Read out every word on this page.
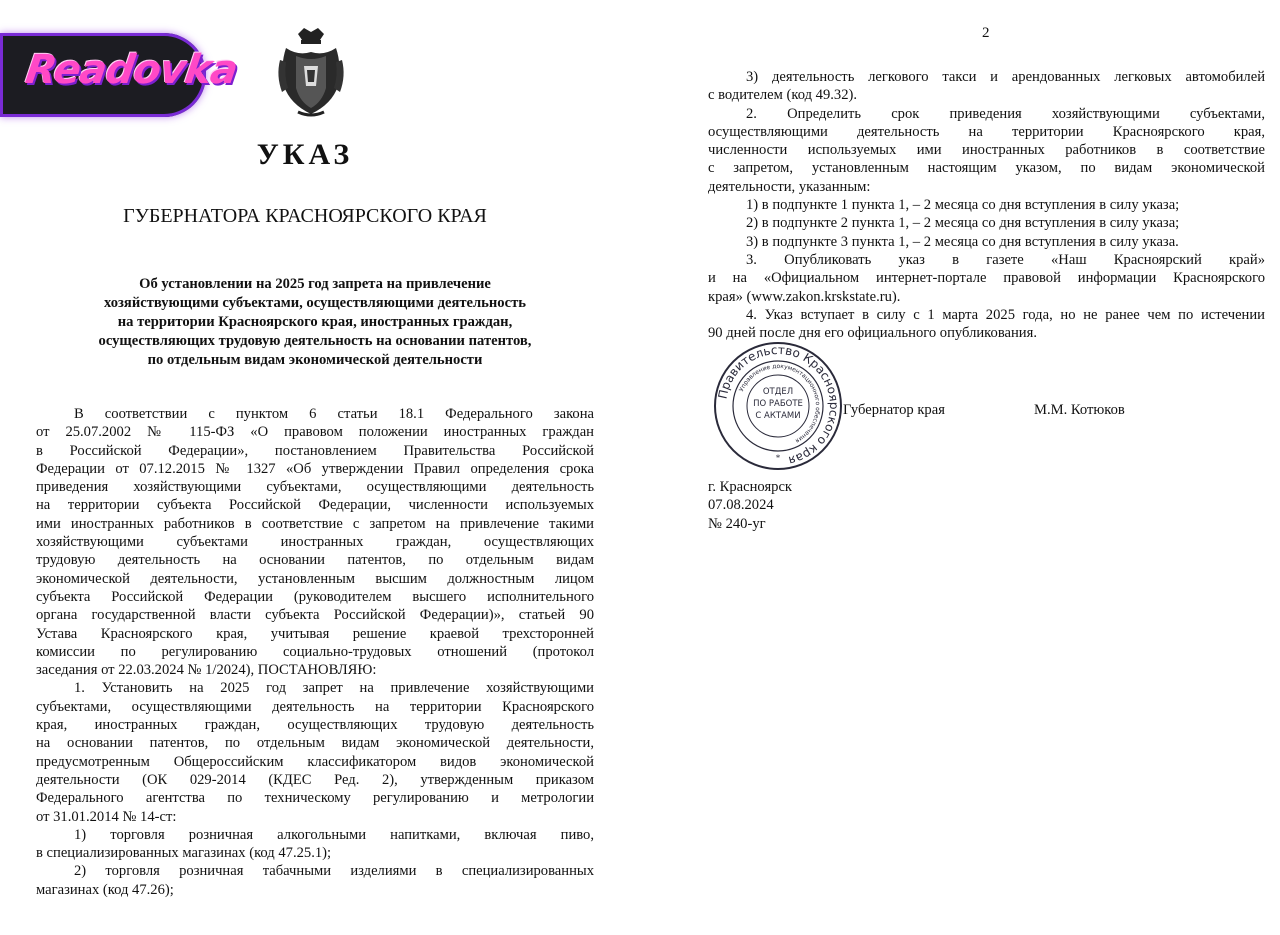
Readovka
УКАЗ
ГУБЕРНАТОРА КРАСНОЯРСКОГО КРАЯ
Об установлении на 2025 год запрета на привлечение
хозяйствующими субъектами, осуществляющими деятельность
на территории Красноярского края, иностранных граждан,
осуществляющих трудовую деятельность на основании патентов,
по отдельным видам экономической деятельности
В соответствии с пунктом 6 статьи 18.1 Федерального закона
от 25.07.2002 № 115-ФЗ «О правовом положении иностранных граждан
в Российской Федерации», постановлением Правительства Российской
Федерации от 07.12.2015 № 1327 «Об утверждении Правил определения срока
приведения хозяйствующими субъектами, осуществляющими деятельность
на территории субъекта Российской Федерации, численности используемых
ими иностранных работников в соответствие с запретом на привлечение такими
хозяйствующими субъектами иностранных граждан, осуществляющих
трудовую деятельность на основании патентов, по отдельным видам
экономической деятельности, установленным высшим должностным лицом
субъекта Российской Федерации (руководителем высшего исполнительного
органа государственной власти субъекта Российской Федерации)», статьей 90
Устава Красноярского края, учитывая решение краевой трехсторонней
комиссии по регулированию социально-трудовых отношений (протокол
заседания от 22.03.2024 № 1/2024), ПОСТАНОВЛЯЮ:
1. Установить на 2025 год запрет на привлечение хозяйствующими
субъектами, осуществляющими деятельность на территории Красноярского
края, иностранных граждан, осуществляющих трудовую деятельность
на основании патентов, по отдельным видам экономической деятельности,
предусмотренным Общероссийским классификатором видов экономической
деятельности (ОК 029-2014 (КДЕС Ред. 2), утвержденным приказом
Федерального агентства по техническому регулированию и метрологии
от 31.01.2014 № 14-ст:
1) торговля розничная алкогольными напитками, включая пиво,
в специализированных магазинах (код 47.25.1);
2) торговля розничная табачными изделиями в специализированных
магазинах (код 47.26);
2
3) деятельность легкового такси и арендованных легковых автомобилей
с водителем (код 49.32).
2. Определить срок приведения хозяйствующими субъектами,
осуществляющими деятельность на территории Красноярского края,
численности используемых ими иностранных работников в соответствие
с запретом, установленным настоящим указом, по видам экономической
деятельности, указанным:
1) в подпункте 1 пункта 1, – 2 месяца со дня вступления в силу указа;
2) в подпункте 2 пункта 1, – 2 месяца со дня вступления в силу указа;
3) в подпункте 3 пункта 1, – 2 месяца со дня вступления в силу указа.
3. Опубликовать указ в газете «Наш Красноярский край»
и на «Официальном интернет-портале правовой информации Красноярского
края» (www.zakon.krskstate.ru).
4. Указ вступает в силу с 1 марта 2025 года, но не ранее чем по истечении
90 дней после дня его официального опубликования.
Правительство Красноярского края
Управление документационного обеспечения
ОТДЕЛ
ПО РАБОТЕ
С АКТАМИ
*
Губернатор края	М.М. Котюков
г. Красноярск
07.08.2024
№ 240-уг
